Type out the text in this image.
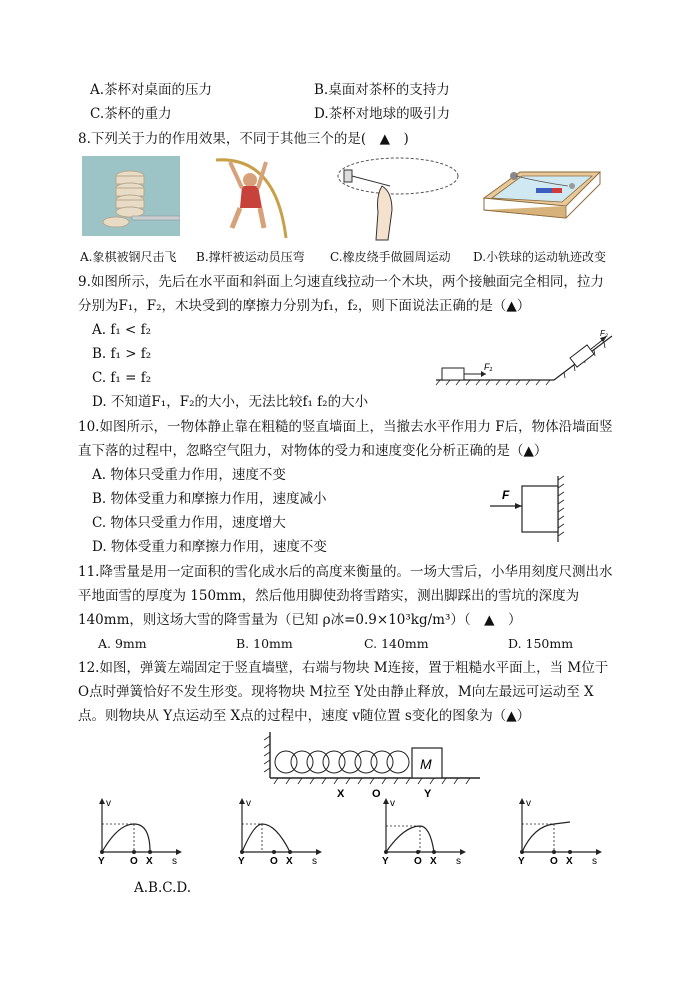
A.茶杯对桌面的压力	B.桌面对茶杯的支持力
C.茶杯的重力	D.茶杯对地球的吸引力
8.下列关于力的作用效果，不同于其他三个的是(　▲　)
A.象棋被钢尺击飞 B.撑杆被运动员压弯 C.橡皮绕手做圆周运动 D.小铁球的运动轨迹改变
9.如图所示，先后在水平面和斜面上匀速直线拉动一个木块，两个接触面完全相同，拉力
分别为F₁，F₂，木块受到的摩擦力分别为f₁，f₂，则下面说法正确的是（▲）
A. f₁ < f₂
B. f₁ > f₂
C. f₁ = f₂
D. 不知道F₁，F₂的大小，无法比较f₁ f₂的大小
F₁
F₂
10.如图所示，一物体静止靠在粗糙的竖直墙面上，当撤去水平作用力 F后，物体沿墙面竖
直下落的过程中，忽略空气阻力，对物体的受力和速度变化分析正确的是（▲）
A. 物体只受重力作用，速度不变
B. 物体受重力和摩擦力作用，速度减小
C. 物体只受重力作用，速度增大
D. 物体受重力和摩擦力作用，速度不变
F
11.降雪量是用一定面积的雪化成水后的高度来衡量的。一场大雪后，小华用刻度尺测出水
平地面雪的厚度为 150mm，然后他用脚使劲将雪踏实，测出脚踩出的雪坑的深度为
140mm，则这场大雪的降雪量为（已知 ρ冰=0.9×10³kg/m³）（　▲　）
A. 9mm	B. 10mm	C. 140mm	D. 150mm
12.如图，弹簧左端固定于竖直墙壁，右端与物块 M连接，置于粗糙水平面上，当 M位于
O点时弹簧恰好不发生形变。现将物块 M拉至 Y处由静止释放，M向左最远可运动至 X
点。则物块从 Y点运动至 X点的过程中，速度 v随位置 s变化的图象为（▲）
M
X	O	Y
v
s
Y	O X
v
s
Y	O X
v
s
Y	O X
v
s
Y	O X
A.B.C.D.
